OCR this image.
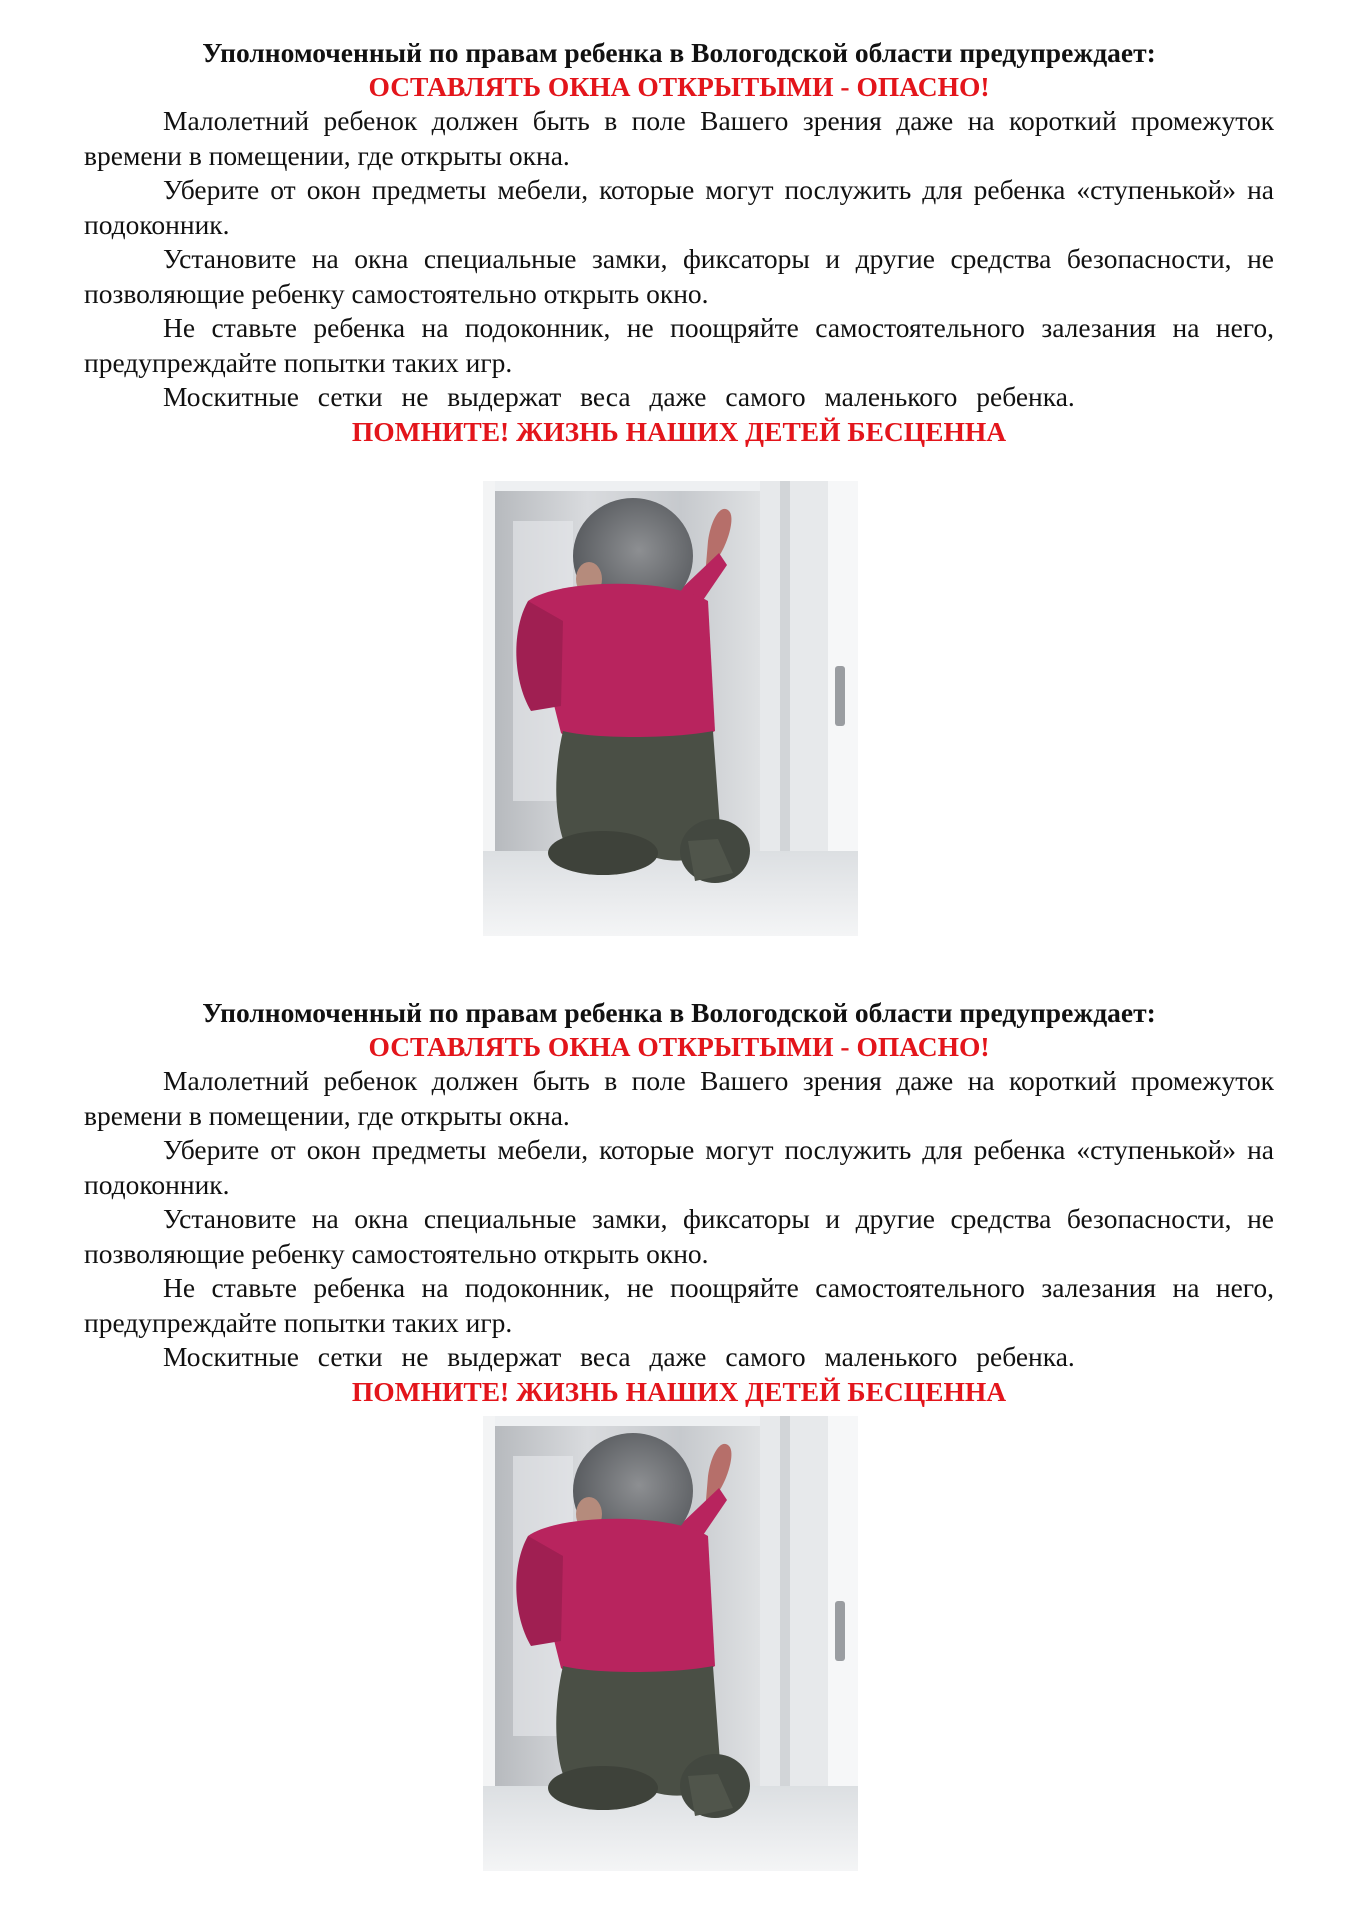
Уполномоченный по правам ребенка в Вологодской области предупреждает:

ОСТАВЛЯТЬ ОКНА ОТКРЫТЫМИ - ОПАСНО!

Малолетний ребенок должен быть в поле Вашего зрения даже на короткий промежуток времени в помещении, где открыты окна.

Уберите от окон предметы мебели, которые могут послужить для ребенка «ступенькой» на подоконник.

Установите на окна специальные замки, фиксаторы и другие средства безопасности, не позволяющие ребенку самостоятельно открыть окно.

Не ставьте ребенка на подоконник, не поощряйте самостоятельного залезания на него, предупреждайте попытки таких игр.

Москитные сетки не выдержат веса даже самого маленького ребенка.

ПОМНИТЕ! ЖИЗНЬ НАШИХ ДЕТЕЙ БЕСЦЕННА

Уполномоченный по правам ребенка в Вологодской области предупреждает:

ОСТАВЛЯТЬ ОКНА ОТКРЫТЫМИ - ОПАСНО!

Малолетний ребенок должен быть в поле Вашего зрения даже на короткий промежуток времени в помещении, где открыты окна.

Уберите от окон предметы мебели, которые могут послужить для ребенка «ступенькой» на подоконник.

Установите на окна специальные замки, фиксаторы и другие средства безопасности, не позволяющие ребенку самостоятельно открыть окно.

Не ставьте ребенка на подоконник, не поощряйте самостоятельного залезания на него, предупреждайте попытки таких игр.

Москитные сетки не выдержат веса даже самого маленького ребенка.

ПОМНИТЕ! ЖИЗНЬ НАШИХ ДЕТЕЙ БЕСЦЕННА
